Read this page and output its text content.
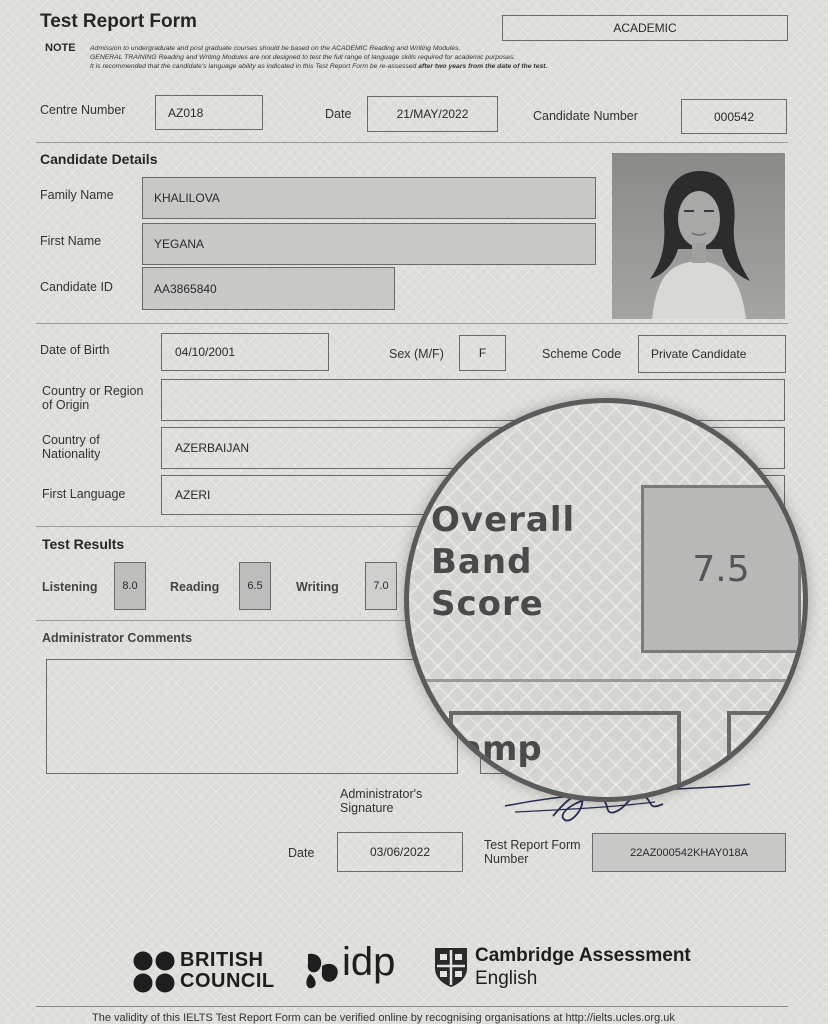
Test Report Form	ACADEMIC
NOTE Admission to undergraduate and post graduate courses should be based on the ACADEMIC Reading and Writing Modules.
GENERAL TRAINING Reading and Writing Modules are not designed to test the full range of language skills required for academic purposes.
It is recommended that the candidate's language ability as indicated in this Test Report Form be re-assessed after two years from the date of the test.
Centre Number	AZ018	Date	21/MAY/2022	Candidate Number	000542
Candidate Details
Family Name	KHALILOVA
First Name	YEGANA
Candidate ID	AA3865840
Date of Birth	04/10/2001	Sex (M/F)	F	Scheme Code Private Candidate
Country or Region
of Origin
Country of
Nationality	AZERBAIJAN
First Language	AZERI
Test Results
Listening 8.0	Reading	6.5	Writing	7.0
Administrator Comments
Administrator's
Signature
Date	03/06/2022	Test Report Form
Number	22AZ000542KHAY018A
Overall
Band
Score
7.5
amp
BRITISH
COUNCIL idp	Cambridge Assessment
English
The validity of this IELTS Test Report Form can be verified online by recognising organisations at http://ielts.ucles.org.uk
